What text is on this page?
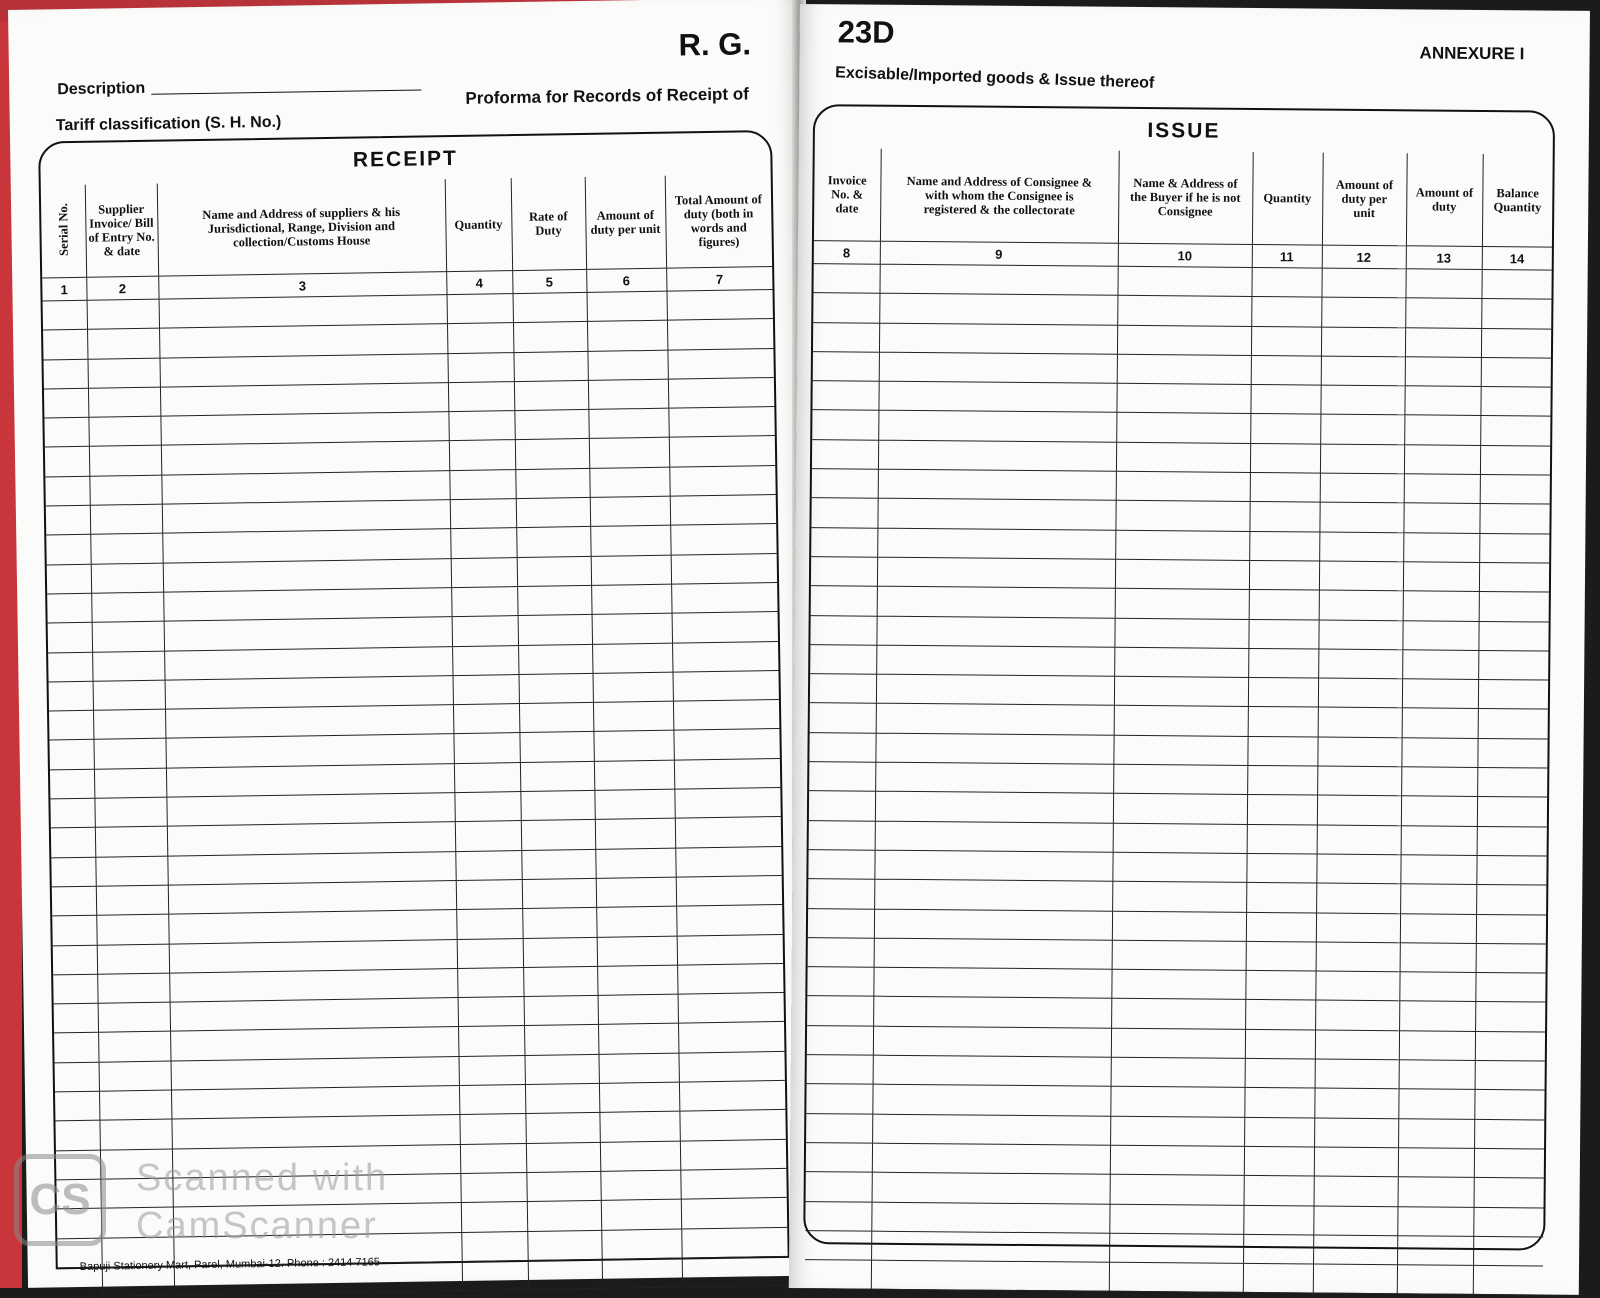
R. G.
Description
Tariff classification (S. H. No.)
Proforma for Records of Receipt of
RECEIPT
Serial No.	Supplier Invoice/ Bill of Entry No. & date	Name and Address of suppliers & his Jurisdictional, Range, Division and collection/Customs House	Quantity	Rate of Duty	Amount of duty per unit	Total Amount of duty (both in words and figures)
1	2	3	4	5	6	7

Bapuji Stationery Mart, Parel, Mumbai-12. Phone : 2414 7165
23D
ANNEXURE I
Excisable/Imported goods & Issue thereof
ISSUE
Invoice No. & date	Name and Address of Consignee & with whom the Consignee is registered & the collectorate	Name & Address of the Buyer if he is not Consignee	Quantity	Amount of duty per unit	Amount of duty	Balance Quantity
8	9	10	11	12	13	14

CS	Scanned with
CamScanner
